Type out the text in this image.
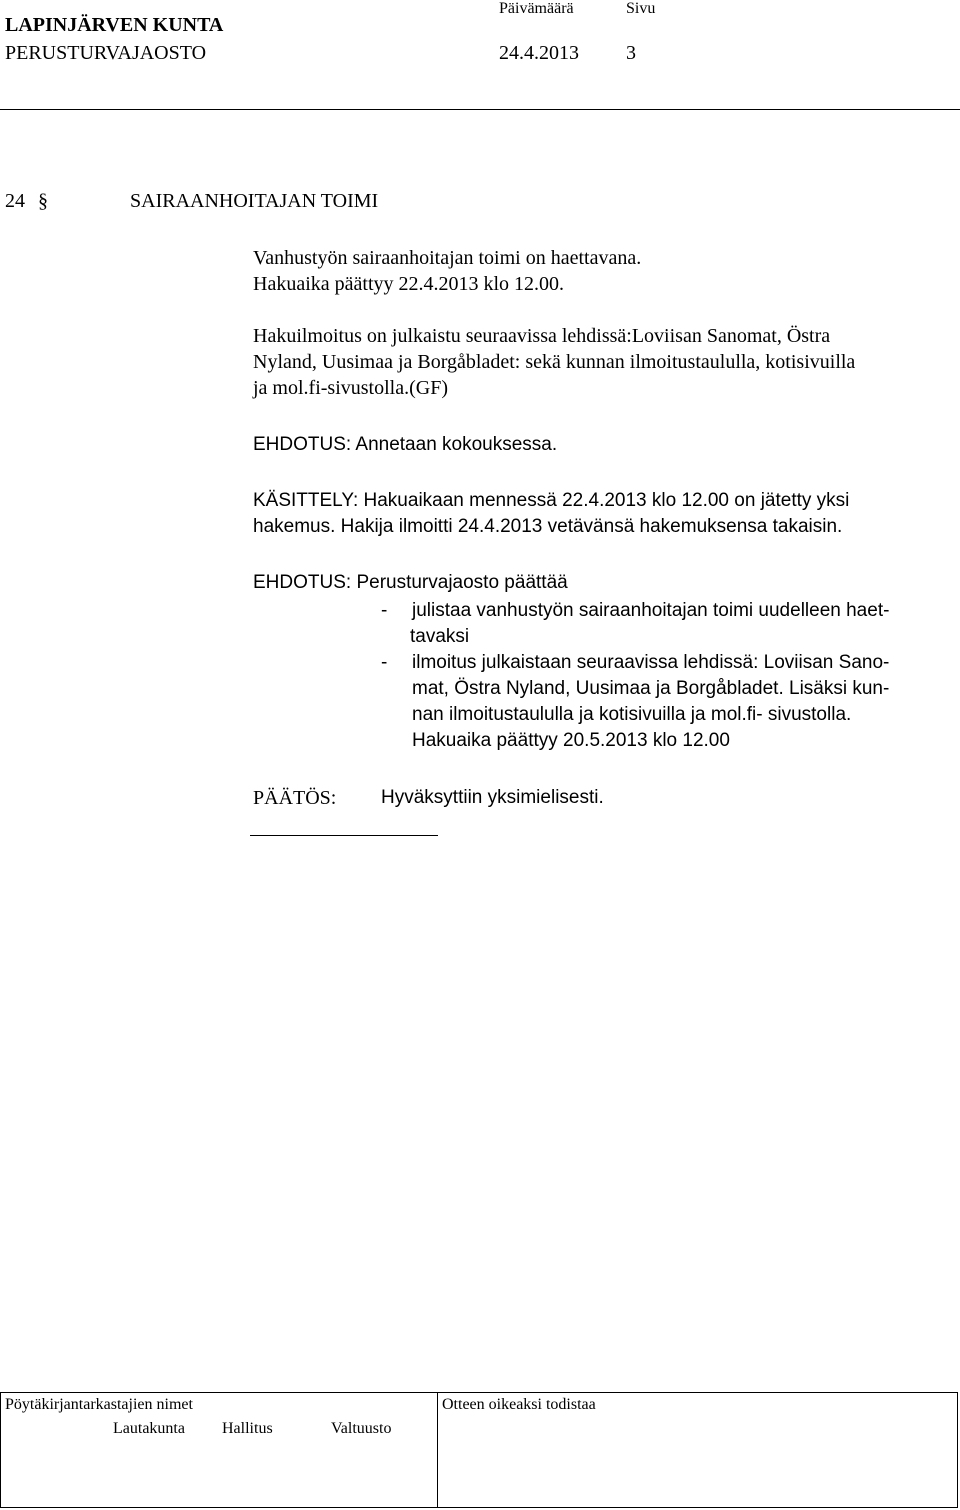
LAPINJÄRVEN KUNTA
PERUSTURVAJAOSTO
Päivämäärä	Sivu
24.4.2013 3
24 §	SAIRAANHOITAJAN TOIMI
Vanhustyön sairaanhoitajan toimi on haettavana.
Hakuaika päättyy 22.4.2013 klo 12.00.
Hakuilmoitus on julkaistu seuraavissa lehdissä:Loviisan Sanomat, Östra
Nyland, Uusimaa ja Borgåbladet: sekä kunnan ilmoitustaululla, kotisivuilla
ja mol.fi-sivustolla.(GF)
EHDOTUS: Annetaan kokouksessa.
KÄSITTELY: Hakuaikaan mennessä 22.4.2013 klo 12.00 on jätetty yksi
hakemus. Hakija ilmoitti 24.4.2013 vetävänsä hakemuksensa takaisin.
EHDOTUS: Perusturvajaosto päättää
- julistaa vanhustyön sairaanhoitajan toimi uudelleen haet-
tavaksi
- ilmoitus julkaistaan seuraavissa lehdissä: Loviisan Sano-
mat, Östra Nyland, Uusimaa ja Borgåbladet. Lisäksi kun-
nan ilmoitustaululla ja kotisivuilla ja mol.fi- sivustolla.
Hakuaika päättyy 20.5.2013 klo 12.00
PÄÄTÖS: Hyväksyttiin yksimielisesti.
Pöytäkirjantarkastajien nimet	Otteen oikeaksi todistaa
Lautakunta Hallitus	Valtuusto
